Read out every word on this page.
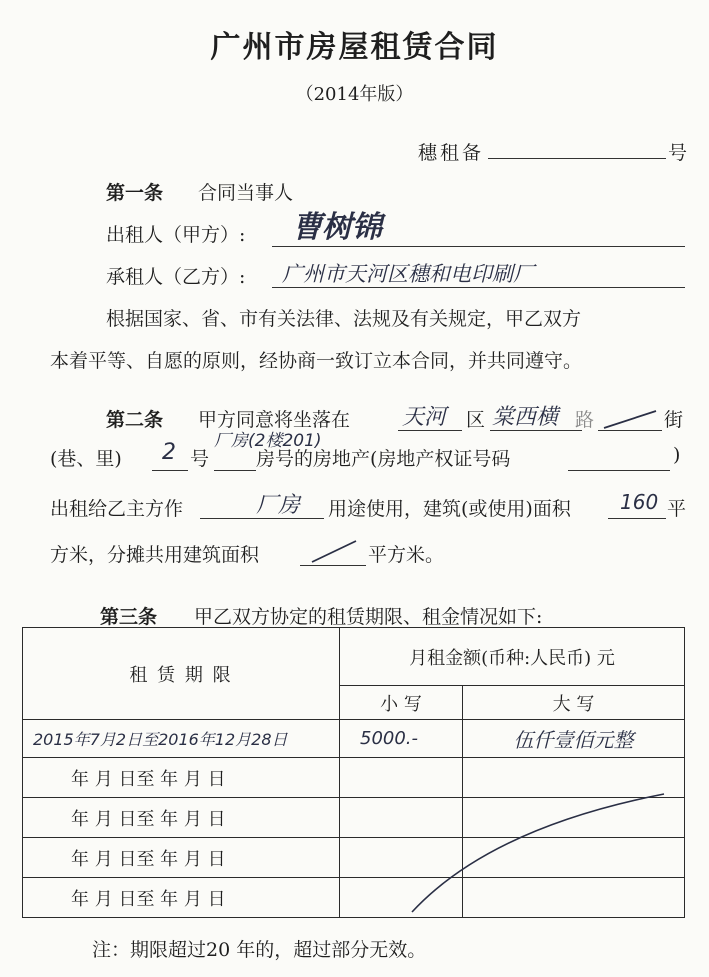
广州市房屋租赁合同
（2014年版）
穗租备	号
第一条 合同当事人
出租人（甲方）: 曹树锦
承租人（乙方）: 广州市天河区穗和电印刷厂
根据国家、省、市有关法律、法规及有关规定，甲乙双方
本着平等、自愿的原则，经协商一致订立本合同，并共同遵守。
第二条 甲方同意将坐落在 天河 区 棠西横 路	街
(巷、里) 2 号
厂房(2楼201)
房号的房地产(房地产权证号码	)
出租给乙主方作	厂房 用途使用，建筑(或使用)面积 160 平
方米，分摊共用建筑面积	平方米。
第三条 甲乙双方协定的租赁期限、租金情况如下:
租 赁 期 限	月租金额(币种:人民币) 元	
	小 写	大 写
2015年7月2日至2016年12月28日	5000.-	伍仟壹佰元整
年 月 日至 年 月 日		
年 月 日至 年 月 日		
年 月 日至 年 月 日		
年 月 日至 年 月 日		
注：期限超过20 年的，超过部分无效。
